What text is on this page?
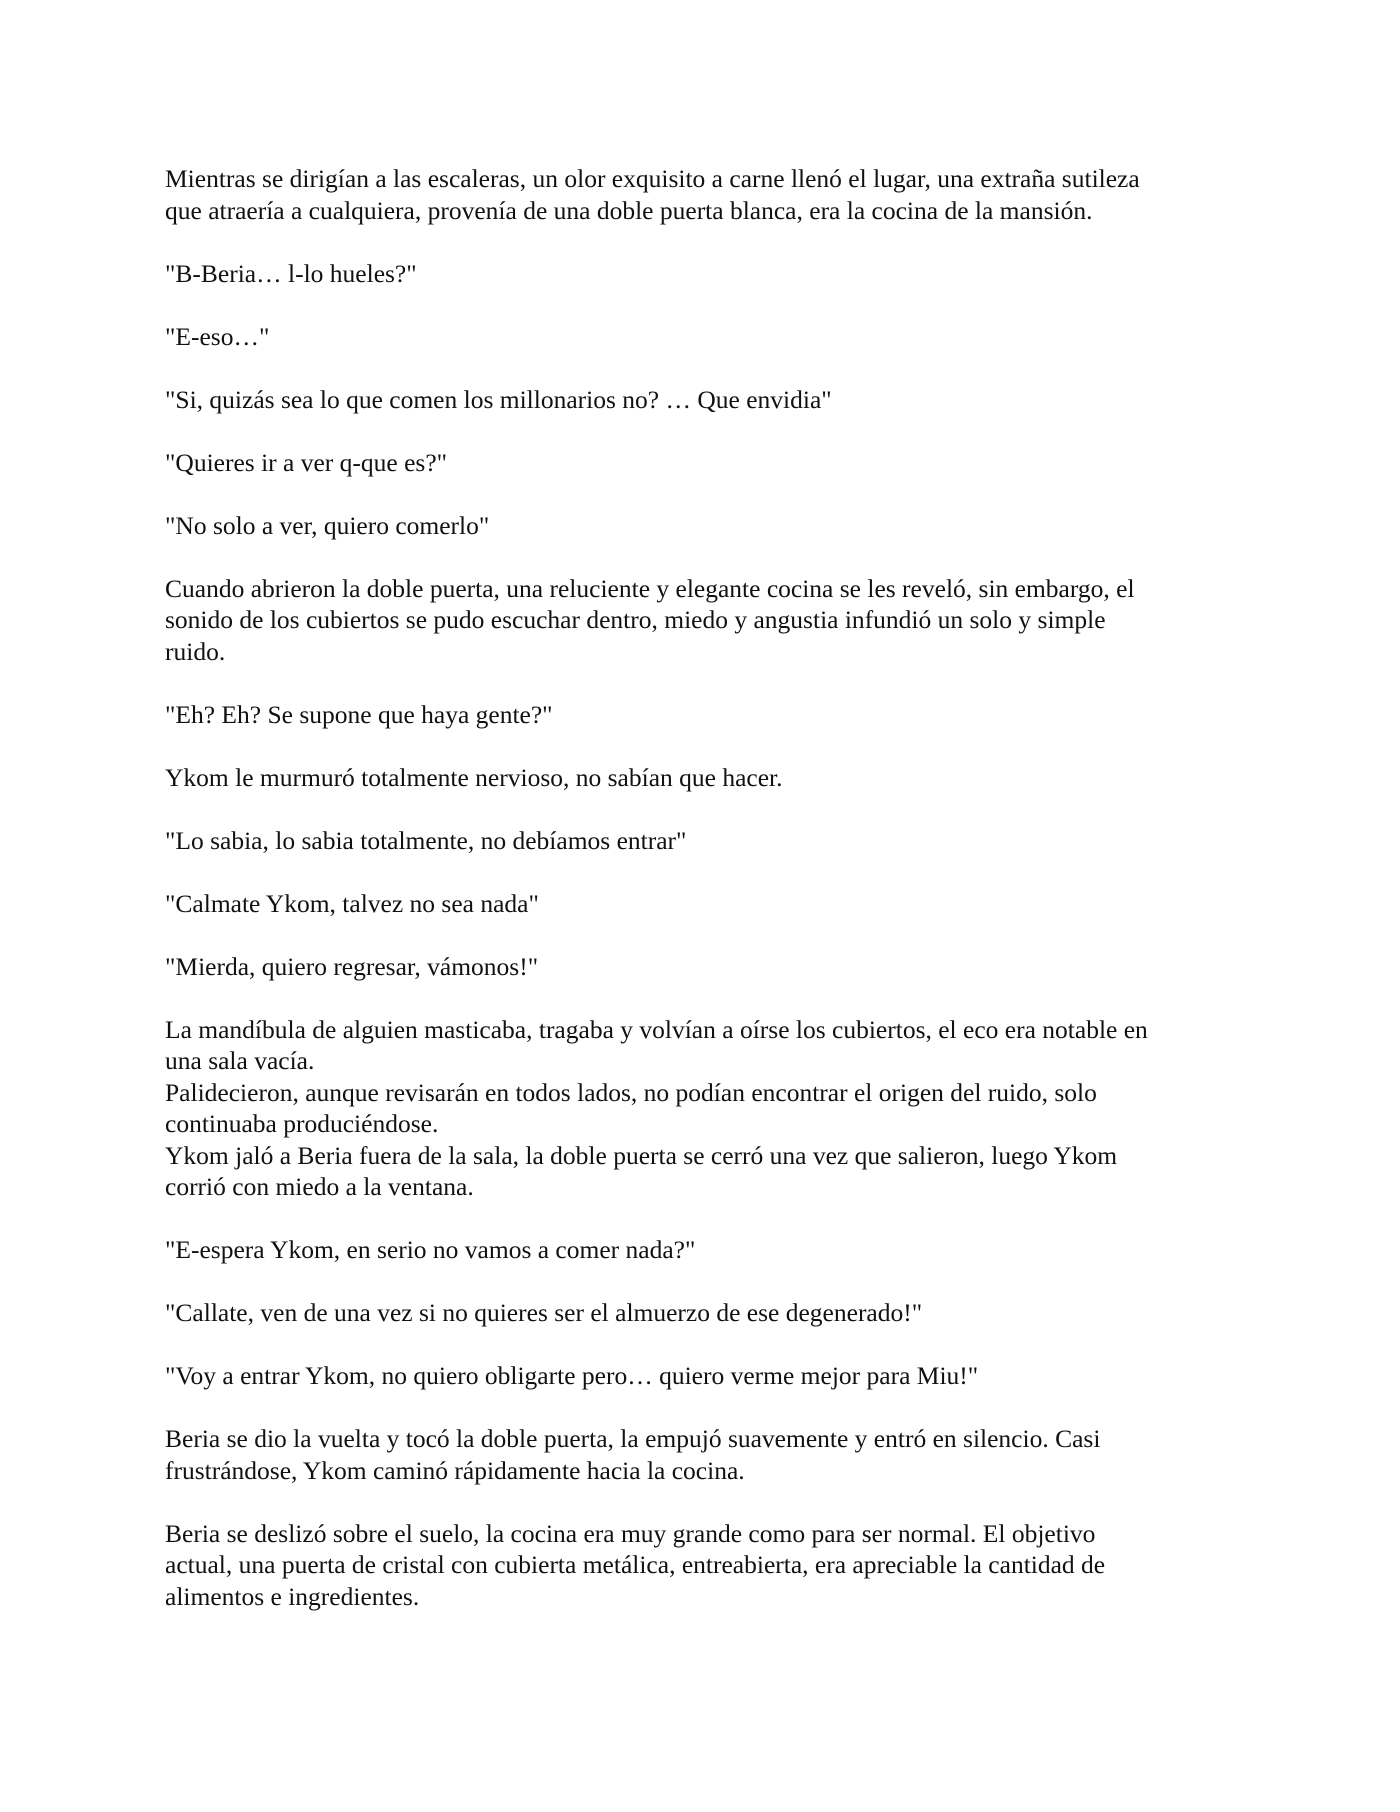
Mientras se dirigían a las escaleras, un olor exquisito a carne llenó el lugar, una extraña sutileza
que atraería a cualquiera, provenía de una doble puerta blanca, era la cocina de la mansión.

"B-Beria… l-lo hueles?"

"E-eso…"

"Si, quizás sea lo que comen los millonarios no? … Que envidia"

"Quieres ir a ver q-que es?"

"No solo a ver, quiero comerlo"

Cuando abrieron la doble puerta, una reluciente y elegante cocina se les reveló, sin embargo, el
sonido de los cubiertos se pudo escuchar dentro, miedo y angustia infundió un solo y simple
ruido.

"Eh? Eh? Se supone que haya gente?"

Ykom le murmuró totalmente nervioso, no sabían que hacer.

"Lo sabia, lo sabia totalmente, no debíamos entrar"

"Calmate Ykom, talvez no sea nada"

"Mierda, quiero regresar, vámonos!"

La mandíbula de alguien masticaba, tragaba y volvían a oírse los cubiertos, el eco era notable en
una sala vacía.
Palidecieron, aunque revisarán en todos lados, no podían encontrar el origen del ruido, solo
continuaba produciéndose.
Ykom jaló a Beria fuera de la sala, la doble puerta se cerró una vez que salieron, luego Ykom
corrió con miedo a la ventana.

"E-espera Ykom, en serio no vamos a comer nada?"

"Callate, ven de una vez si no quieres ser el almuerzo de ese degenerado!"

"Voy a entrar Ykom, no quiero obligarte pero… quiero verme mejor para Miu!"

Beria se dio la vuelta y tocó la doble puerta, la empujó suavemente y entró en silencio. Casi
frustrándose, Ykom caminó rápidamente hacia la cocina.

Beria se deslizó sobre el suelo, la cocina era muy grande como para ser normal. El objetivo
actual, una puerta de cristal con cubierta metálica, entreabierta, era apreciable la cantidad de
alimentos e ingredientes.
